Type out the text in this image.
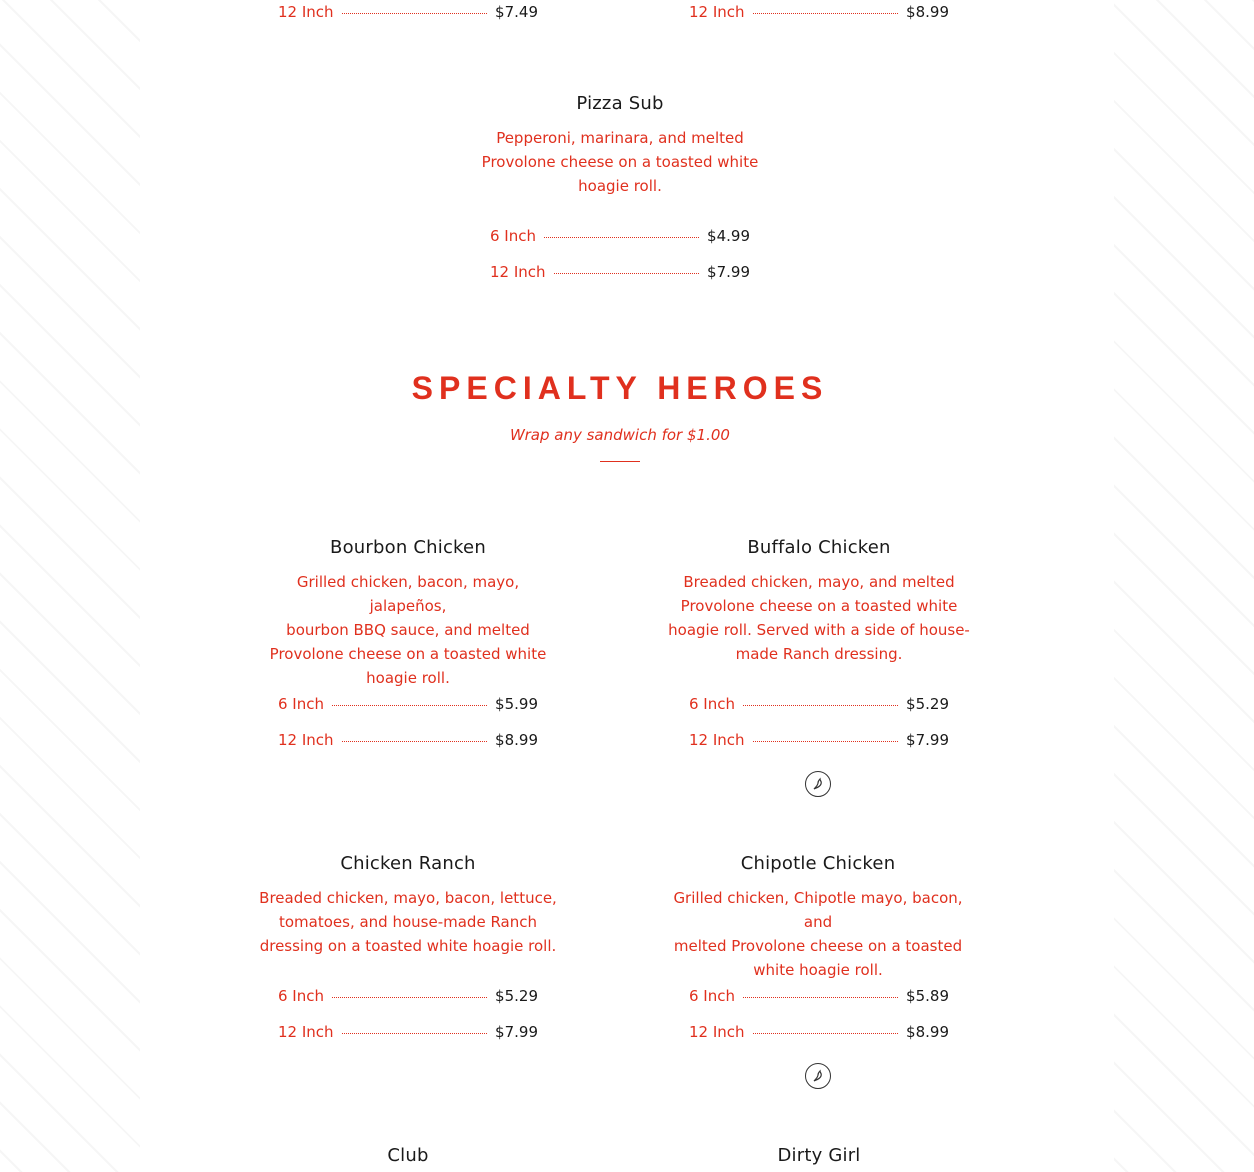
12 Inch	$7.49	12 Inch	$8.99
Pizza Sub
Pepperoni, marinara, and melted
Provolone cheese on a toasted white
hoagie roll.
6 Inch	$4.99
12 Inch	$7.99
SPECIALTY HEROES
Wrap any sandwich for $1.00
Bourbon Chicken
Grilled chicken, bacon, mayo, jalapeños,
bourbon BBQ sauce, and melted
Provolone cheese on a toasted white
hoagie roll.
6 Inch	$5.99
12 Inch	$8.99
Buffalo Chicken
Breaded chicken, mayo, and melted
Provolone cheese on a toasted white
hoagie roll. Served with a side of house-
made Ranch dressing.
6 Inch	$5.29
12 Inch	$7.99
Chicken Ranch
Breaded chicken, mayo, bacon, lettuce,
tomatoes, and house-made Ranch
dressing on a toasted white hoagie roll.
6 Inch	$5.29
12 Inch	$7.99
Chipotle Chicken
Grilled chicken, Chipotle mayo, bacon, and
melted Provolone cheese on a toasted
white hoagie roll.
6 Inch	$5.89
12 Inch	$8.99
Club	Dirty Girl
